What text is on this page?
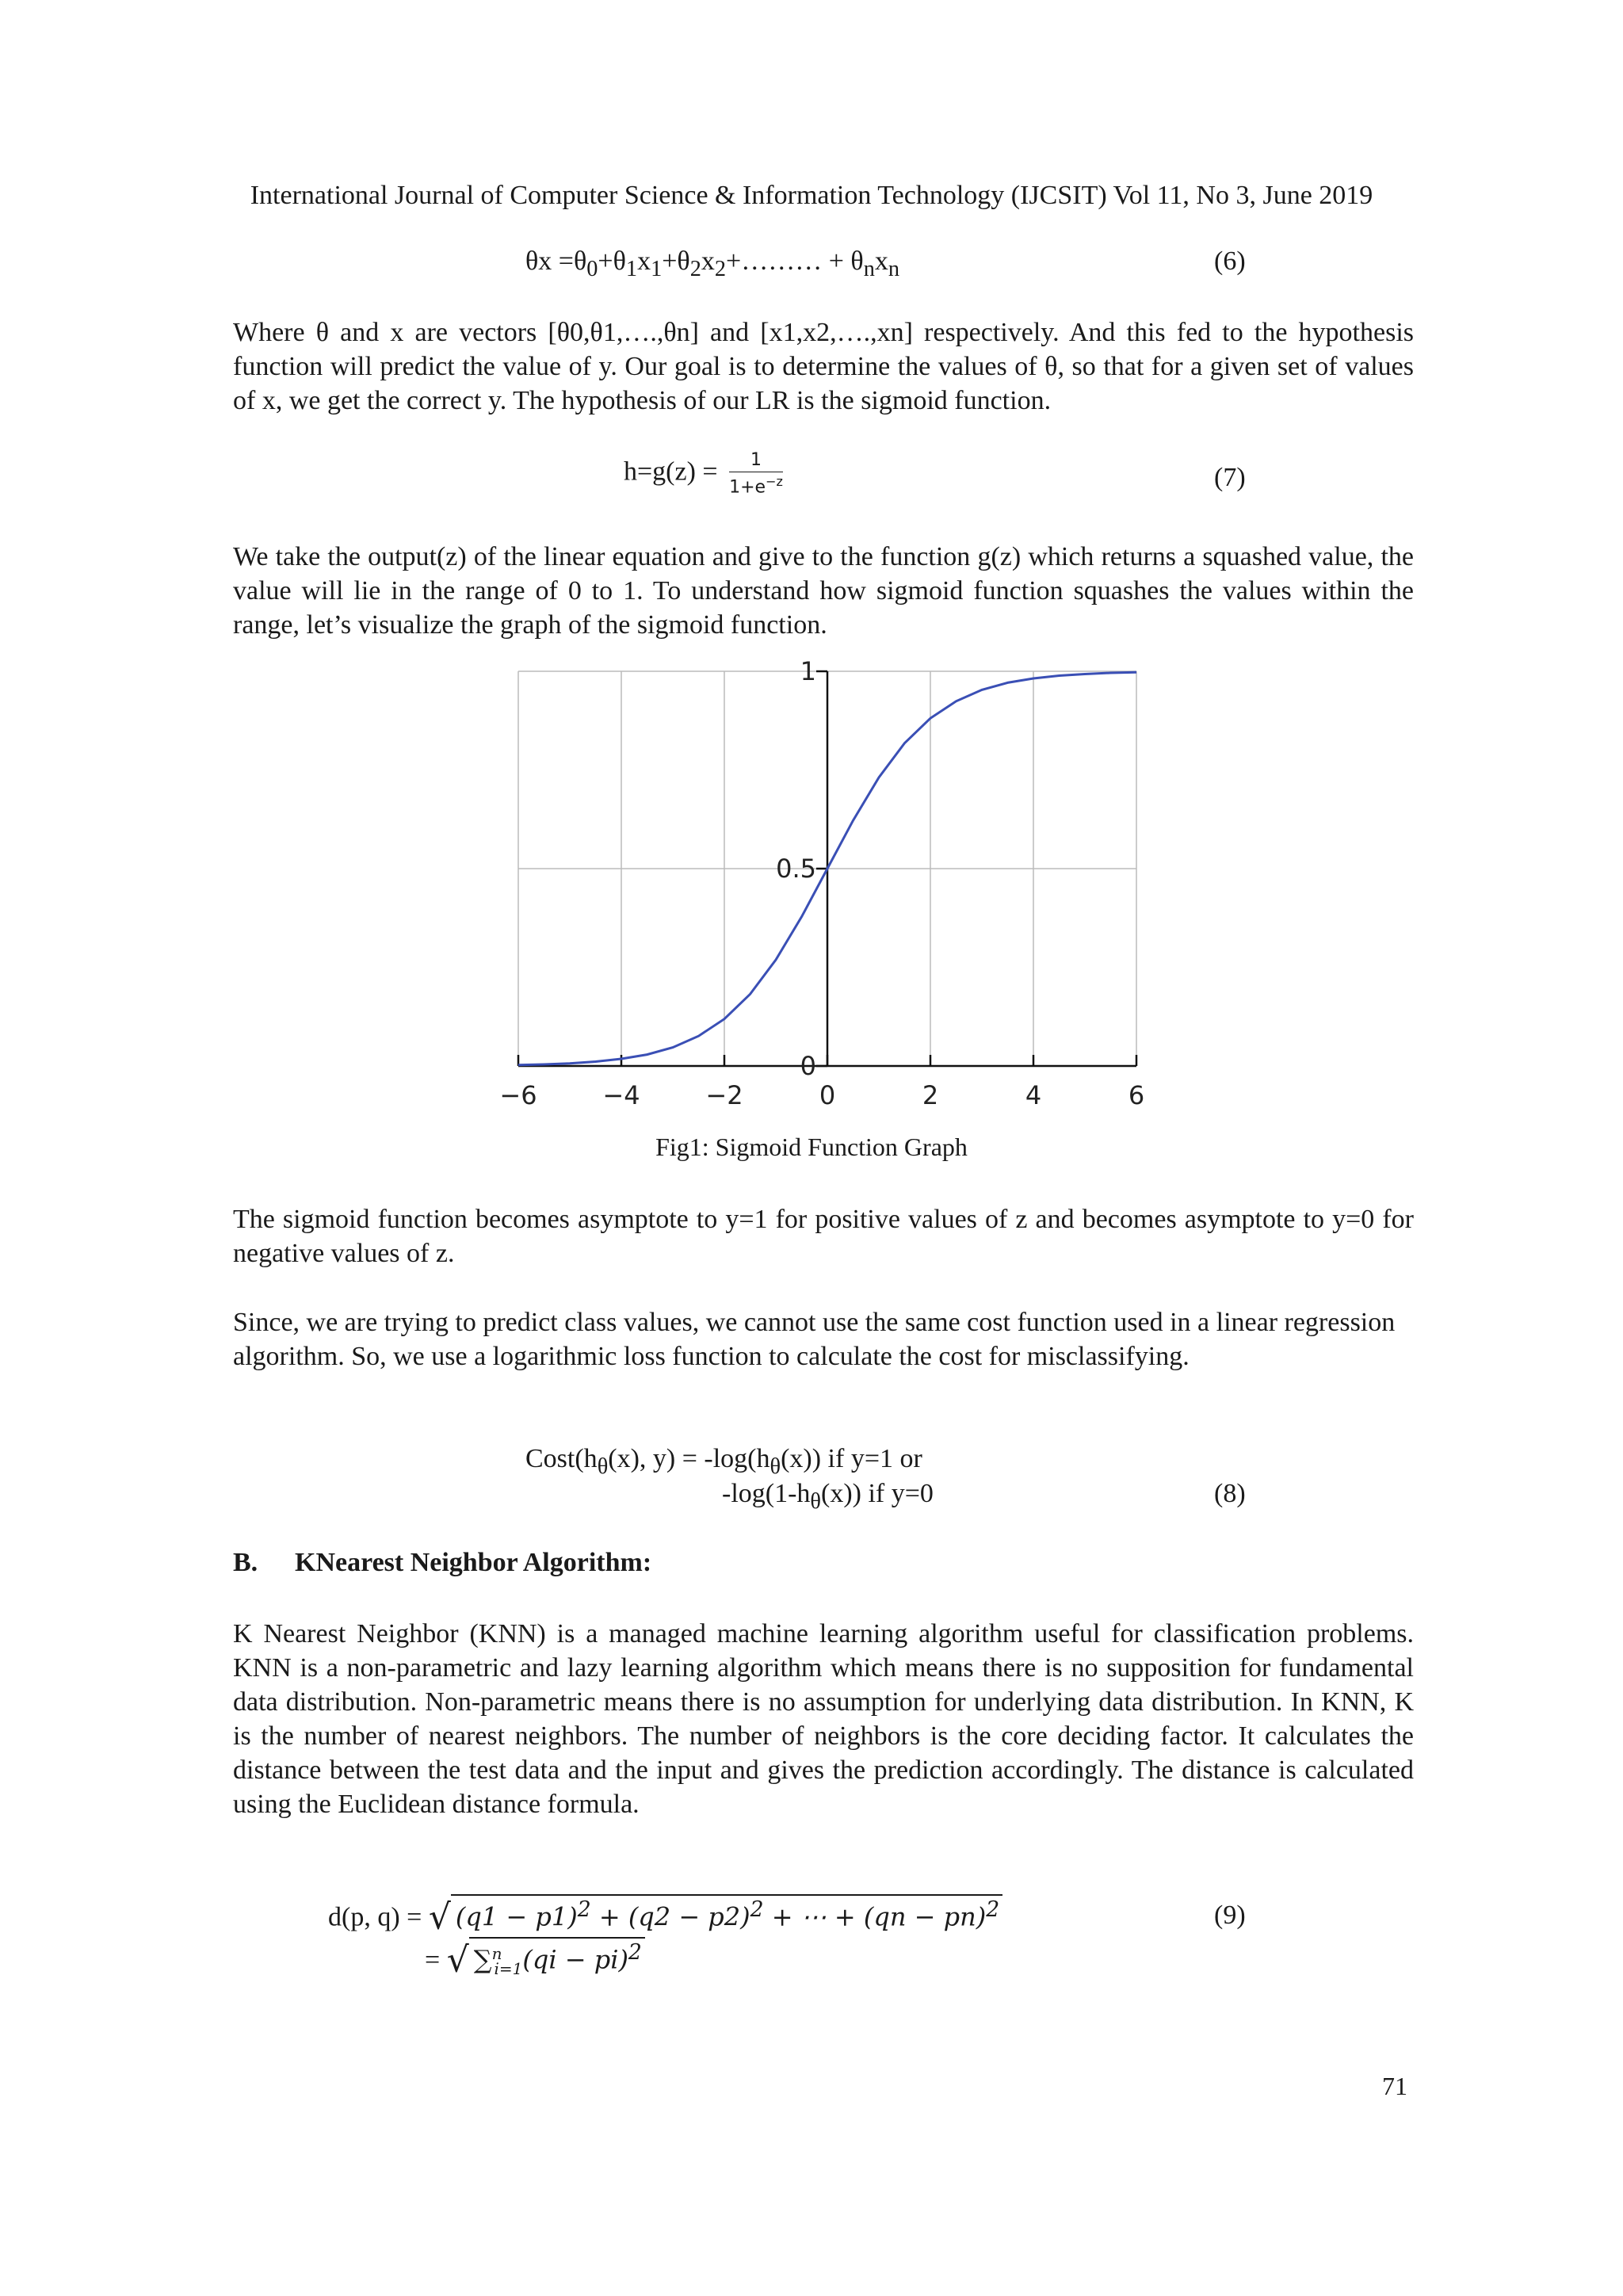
International Journal of Computer Science & Information Technology (IJCSIT) Vol 11, No 3, June 2019
$\theta x =\theta_0+\theta_1x_1+\theta_2x_2+\dots\dots\dots + \theta_nx_n$	(6)
Where θ and x are vectors [θ0,θ1,….,θn] and [x1,x2,….,xn] respectively. And this fed to the hypothesis function will predict the value of y. Our goal is to determine the values of θ, so that for a given set of values of x, we get the correct y. The hypothesis of our LR is the sigmoid function.
$h=g(z) = \frac{1}{1+e^{-z}}$	(7)
We take the output(z) of the linear equation and give to the function g(z) which returns a squashed value, the value will lie in the range of 0 to 1. To understand how sigmoid function squashes the values within the range, let’s visualize the graph of the sigmoid function.
−6	−4	−2	0	2	4	6
0
0.5
1
Fig1: Sigmoid Function Graph
The sigmoid function becomes asymptote to y=1 for positive values of z and becomes asymptote to y=0 for negative values of z.
Since, we are trying to predict class values, we cannot use the same cost function used in a linear regression algorithm. So, we use a logarithmic loss function to calculate the cost for misclassifying.
$Cost(h_\theta(x)$, $y) = -\log(h_\theta(x))$ if y=1 or
$-\log(1-h_\theta(x))$ if y=0	(8)
B. KNearest Neighbor Algorithm:
K Nearest Neighbor (KNN) is a managed machine learning algorithm useful for classification problems. KNN is a non-parametric and lazy learning algorithm which means there is no supposition for fundamental data distribution. Non-parametric means there is no assumption for underlying data distribution. In KNN, K is the number of nearest neighbors. The number of neighbors is the core deciding factor. It calculates the distance between the test data and the input and gives the prediction accordingly. The distance is calculated using the Euclidean distance formula.
d(p, q) = √ $(q1 - p1)^2 + (q2 - p2)^2$ + ⋯ + (qn − pn)$^2$	(9)
= √ ∑$^n_{i=1}$(qi − pi)$^2$
71
